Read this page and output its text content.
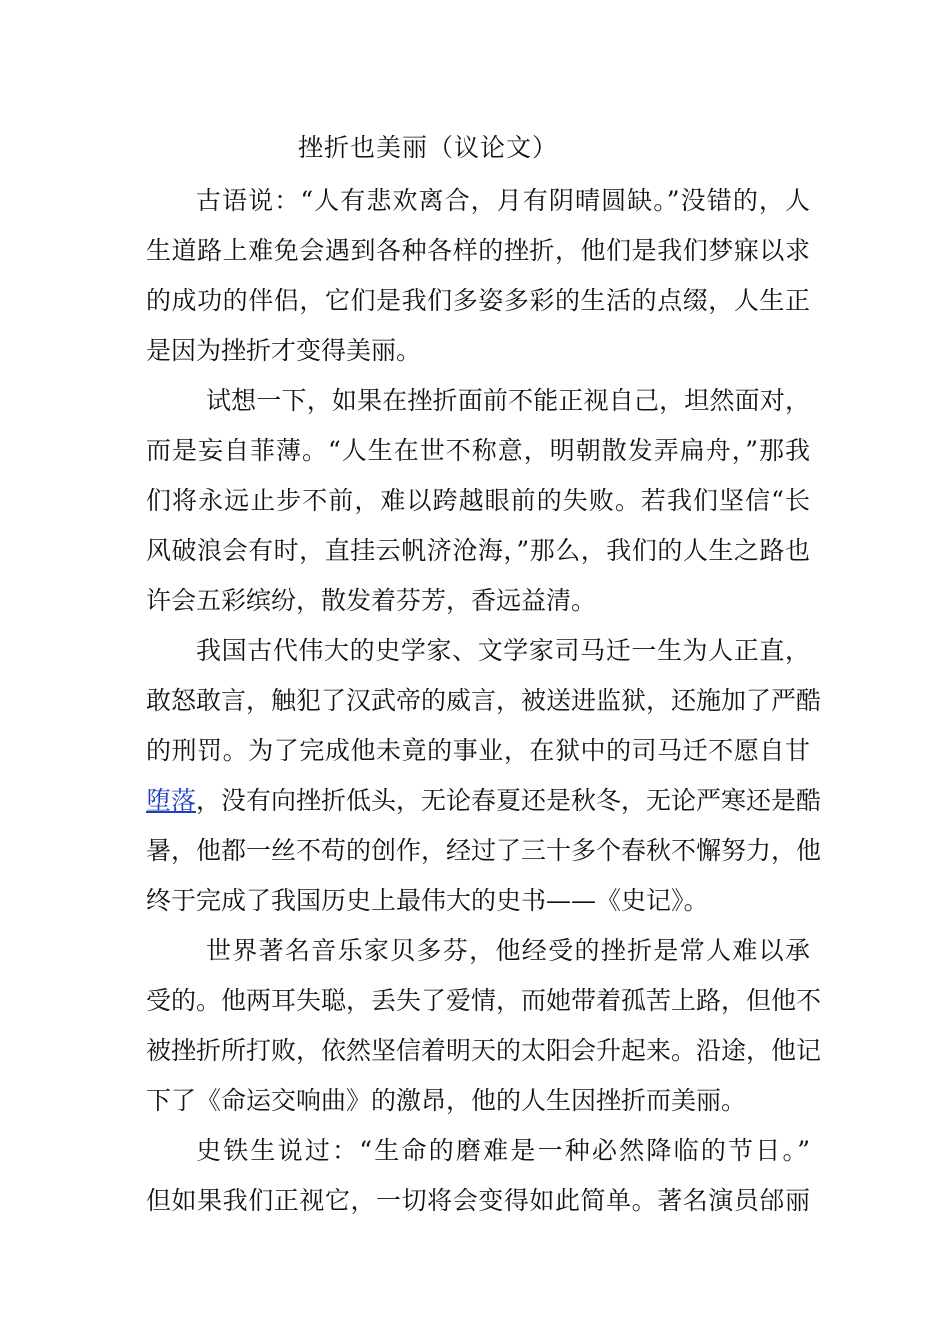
挫折也美丽（议论文）
古语说：“人有悲欢离合，月有阴晴圆缺。”没错的，人
生道路上难免会遇到各种各样的挫折，他们是我们梦寐以求
的成功的伴侣，它们是我们多姿多彩的生活的点缀，人生正
是因为挫折才变得美丽。
试想一下，如果在挫折面前不能正视自己，坦然面对，
而是妄自菲薄。“人生在世不称意，明朝散发弄扁舟，”那我
们将永远止步不前，难以跨越眼前的失败。若我们坚信“长
风破浪会有时，直挂云帆济沧海，”那么，我们的人生之路也
许会五彩缤纷，散发着芬芳，香远益清。
我国古代伟大的史学家、文学家司马迁一生为人正直，
敢怒敢言，触犯了汉武帝的威言，被送进监狱，还施加了严酷
的刑罚。为了完成他未竟的事业，在狱中的司马迁不愿自甘
堕落，没有向挫折低头，无论春夏还是秋冬，无论严寒还是酷
暑，他都一丝不苟的创作，经过了三十多个春秋不懈努力，他
终于完成了我国历史上最伟大的史书——《史记》。
世界著名音乐家贝多芬，他经受的挫折是常人难以承
受的。他两耳失聪，丢失了爱情，而她带着孤苦上路，但他不
被挫折所打败，依然坚信着明天的太阳会升起来。沿途，他记
下了《命运交响曲》的激昂，他的人生因挫折而美丽。
史铁生说过：“生命的磨难是一种必然降临的节日。”
但如果我们正视它，一切将会变得如此简单。著名演员邰丽
